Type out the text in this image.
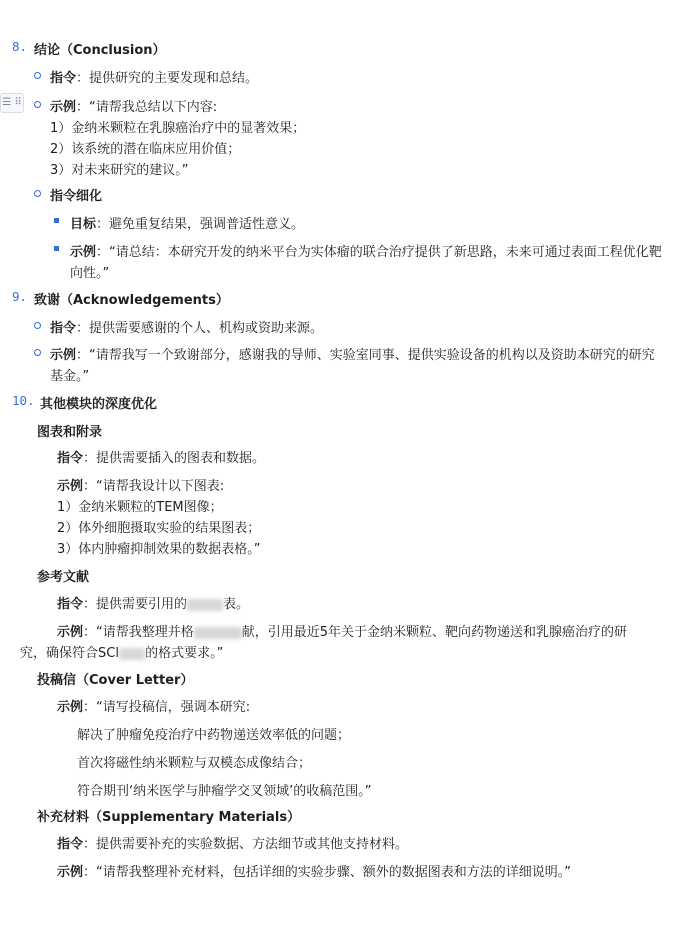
☰ ⠿
8. 结论（Conclusion）
指令：提供研究的主要发现和总结。
示例：“请帮我总结以下内容:
1）金纳米颗粒在乳腺癌治疗中的显著效果；
2）该系统的潜在临床应用价值；
3）对未来研究的建议。”
指令细化
目标：避免重复结果，强调普适性意义。
示例：“请总结：本研究开发的纳米平台为实体瘤的联合治疗提供了新思路，未来可通过表面工程优化靶
向性。”
9. 致谢（Acknowledgements）
指令：提供需要感谢的个人、机构或资助来源。
示例：“请帮我写一个致谢部分，感谢我的导师、实验室同事、提供实验设备的机构以及资助本研究的研究
基金。”
10. 其他模块的深度优化
图表和附录
指令：提供需要插入的图表和数据。
示例：“请帮我设计以下图表:
1）金纳米颗粒的TEM图像；
2）体外细胞摄取实验的结果图表；
3）体内肿瘤抑制效果的数据表格。”
参考文献
指令：提供需要引用的	表。
示例：“请帮我整理并格	献，引用最近5年关于金纳米颗粒、靶向药物递送和乳腺癌治疗的研
究，确保符合SCI 的格式要求。”
投稿信（Cover Letter）
示例：“请写投稿信，强调本研究:
解决了肿瘤免疫治疗中药物递送效率低的问题；
首次将磁性纳米颗粒与双模态成像结合；
符合期刊‘纳米医学与肿瘤学交叉领域’的收稿范围。”
补充材料（Supplementary Materials）
指令：提供需要补充的实验数据、方法细节或其他支持材料。
示例：“请帮我整理补充材料，包括详细的实验步骤、额外的数据图表和方法的详细说明。”
